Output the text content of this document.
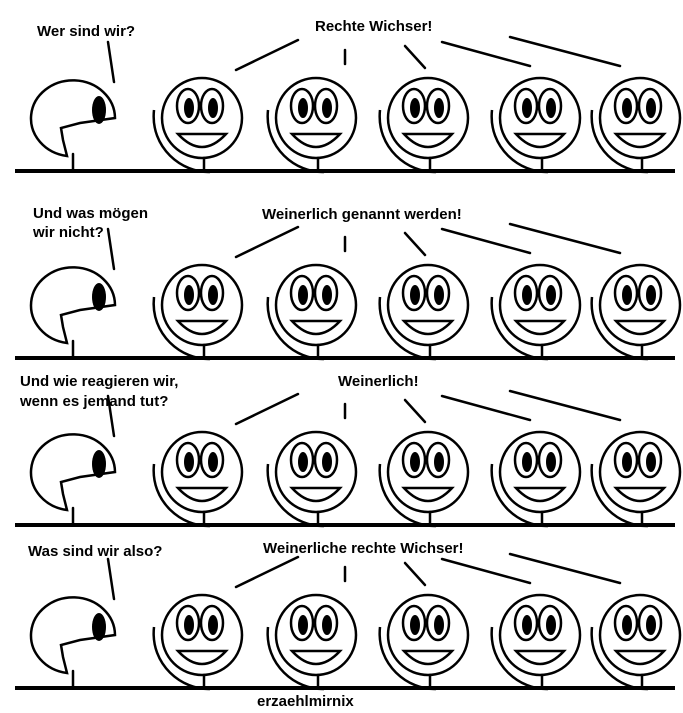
Wer sind wir?	Rechte Wichser!
Und was mögen
wir nicht?
Weinerlich genannt werden!
Und wie reagieren wir,
wenn es jemand tut?
Weinerlich!
Was sind wir also?	Weinerliche rechte Wichser!
erzaehlmirnix
